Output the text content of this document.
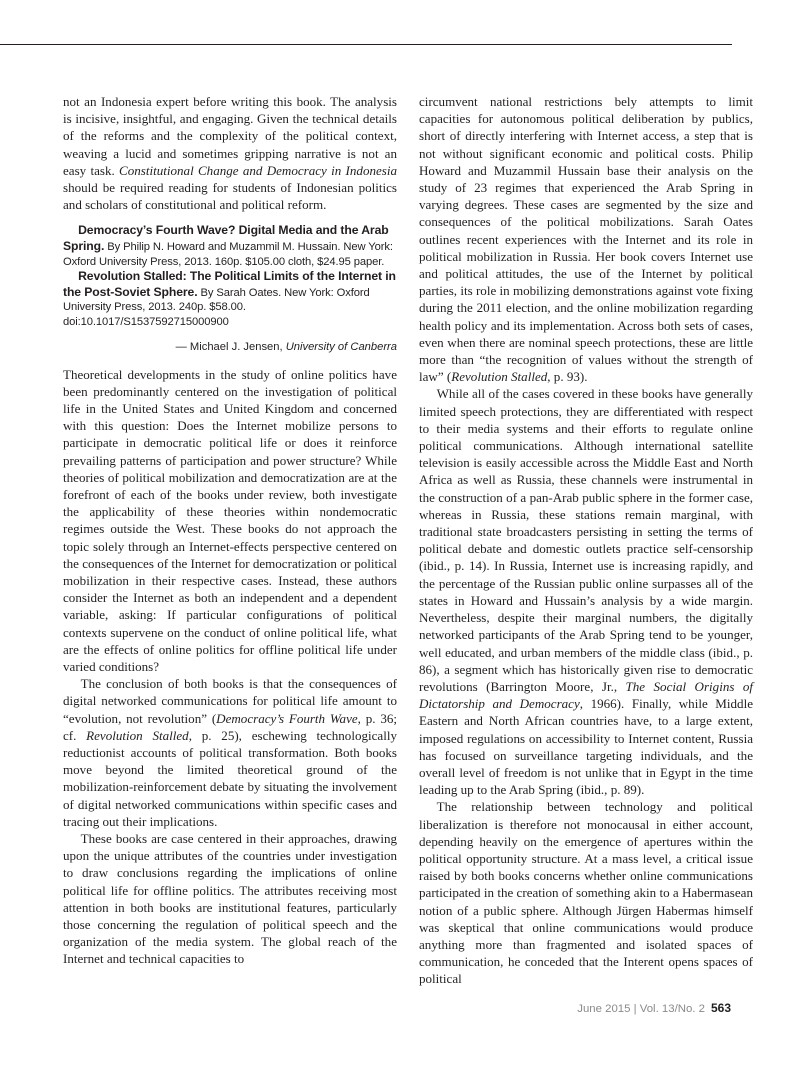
not an Indonesia expert before writing this book. The analysis is incisive, insightful, and engaging. Given the technical details of the reforms and the complexity of the political context, weaving a lucid and sometimes gripping narrative is not an easy task. Constitutional Change and Democracy in Indonesia should be required reading for students of Indonesian politics and scholars of constitutional and political reform.

Democracy’s Fourth Wave? Digital Media and the Arab Spring. By Philip N. Howard and Muzammil M. Hussain. New York: Oxford University Press, 2013. 160p. $105.00 cloth, $24.95 paper.

Revolution Stalled: The Political Limits of the Internet in the Post-Soviet Sphere. By Sarah Oates. New York: Oxford University Press, 2013. 240p. $58.00.
doi:10.1017/S1537592715000900

— Michael J. Jensen, University of Canberra

Theoretical developments in the study of online politics have been predominantly centered on the investigation of political life in the United States and United Kingdom and concerned with this question: Does the Internet mobilize persons to participate in democratic political life or does it reinforce prevailing patterns of participation and power structure? While theories of political mobilization and democratization are at the forefront of each of the books under review, both investigate the applicability of these theories within nondemocratic regimes outside the West. These books do not approach the topic solely through an Internet-effects perspective centered on the consequences of the Internet for democratization or political mobilization in their respective cases. Instead, these authors consider the Internet as both an independent and a dependent variable, asking: If particular configurations of political contexts supervene on the conduct of online political life, what are the effects of online politics for offline political life under varied conditions?

The conclusion of both books is that the consequences of digital networked communications for political life amount to “evolution, not revolution” (Democracy’s Fourth Wave, p. 36; cf. Revolution Stalled, p. 25), eschewing technologically reductionist accounts of political transformation. Both books move beyond the limited theoretical ground of the mobilization-reinforcement debate by situating the involvement of digital networked communications within specific cases and tracing out their implications.

These books are case centered in their approaches, drawing upon the unique attributes of the countries under investigation to draw conclusions regarding the implications of online political life for offline politics. The attributes receiving most attention in both books are institutional features, particularly those concerning the regulation of political speech and the organization of the media system. The global reach of the Internet and technical capacities to

circumvent national restrictions bely attempts to limit capacities for autonomous political deliberation by publics, short of directly interfering with Internet access, a step that is not without significant economic and political costs. Philip Howard and Muzammil Hussain base their analysis on the study of 23 regimes that experienced the Arab Spring in varying degrees. These cases are segmented by the size and consequences of the political mobilizations. Sarah Oates outlines recent experiences with the Internet and its role in political mobilization in Russia. Her book covers Internet use and political attitudes, the use of the Internet by political parties, its role in mobilizing demonstrations against vote fixing during the 2011 election, and the online mobilization regarding health policy and its implementation. Across both sets of cases, even when there are nominal speech protections, these are little more than “the recognition of values without the strength of law” (Revolution Stalled, p. 93).

While all of the cases covered in these books have generally limited speech protections, they are differentiated with respect to their media systems and their efforts to regulate online political communications. Although international satellite television is easily accessible across the Middle East and North Africa as well as Russia, these channels were instrumental in the construction of a pan-Arab public sphere in the former case, whereas in Russia, these stations remain marginal, with traditional state broadcasters persisting in setting the terms of political debate and domestic outlets practice self-censorship (ibid., p. 14). In Russia, Internet use is increasing rapidly, and the percentage of the Russian public online surpasses all of the states in Howard and Hussain’s analysis by a wide margin. Nevertheless, despite their marginal numbers, the digitally networked participants of the Arab Spring tend to be younger, well educated, and urban members of the middle class (ibid., p. 86), a segment which has historically given rise to democratic revolutions (Barrington Moore, Jr., The Social Origins of Dictatorship and Democracy, 1966). Finally, while Middle Eastern and North African countries have, to a large extent, imposed regulations on accessibility to Internet content, Russia has focused on surveillance targeting individuals, and the overall level of freedom is not unlike that in Egypt in the time leading up to the Arab Spring (ibid., p. 89).

The relationship between technology and political liberalization is therefore not monocausal in either account, depending heavily on the emergence of apertures within the political opportunity structure. At a mass level, a critical issue raised by both books concerns whether online communications participated in the creation of something akin to a Habermasean notion of a public sphere. Although Jürgen Habermas himself was skeptical that online communications would produce anything more than fragmented and isolated spaces of communication, he conceded that the Interent opens spaces of political

June 2015 | Vol. 13/No. 2 563
